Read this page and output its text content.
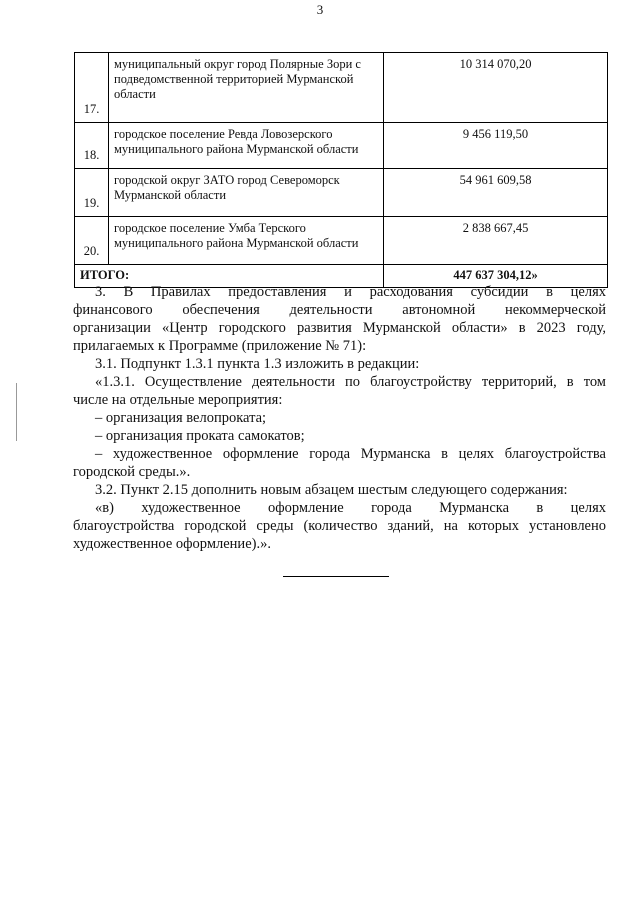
3
17.	муниципальный округ город Полярные Зори с подведомственной территорией Мурманской области	10 314 070,20
18.	городское поселение Ревда Ловозерского муниципального района Мурманской области	9 456 119,50
19.	городской округ ЗАТО город Североморск Мурманской области	54 961 609,58
20.	городское поселение Умба Терского муниципального района Мурманской области	2 838 667,45
ИТОГО:		447 637 304,12»

3. В Правилах предоставления и расходования субсидии в целях

финансового обеспечения деятельности автономной некоммерческой

организации «Центр городского развития Мурманской области» в 2023 году,

прилагаемых к Программе (приложение № 71):

3.1. Подпункт 1.3.1 пункта 1.3 изложить в редакции:

«1.3.1. Осуществление деятельности по благоустройству территорий, в том

числе на отдельные мероприятия:

– организация велопроката;

– организация проката самокатов;

– художественное оформление города Мурманска в целях благоустройства

городской среды.».

3.2. Пункт 2.15 дополнить новым абзацем шестым следующего содержания:

«в) художественное оформление города Мурманска в целях

благоустройства городской среды (количество зданий, на которых установлено

художественное оформление).».
